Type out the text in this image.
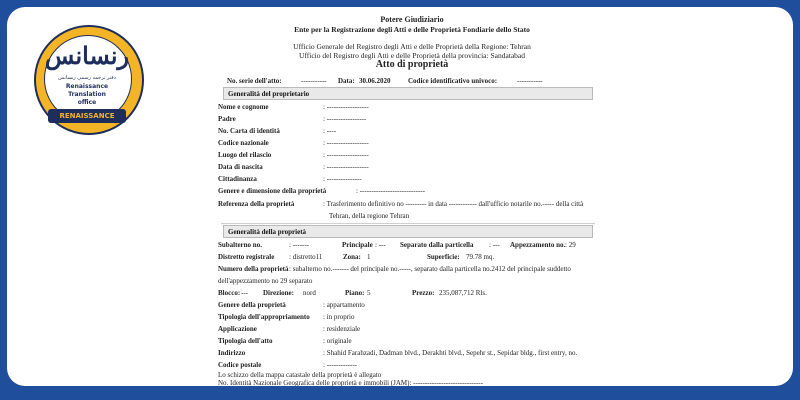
رنسانس
دفتر ترجمه رسمی رنسانس
Renaissance
Translation
office
RENAISSANCE
Potere Giudiziario
Ente per la Registrazione degli Atti e delle Proprietà Fondiarie dello Stato
Ufficio Generale del Registro degli Atti e delle Proprietà della Regione: Tehran
Ufficio del Registro degli Atti e delle Proprietà della provincia: Sandatabad
Atto di proprietà
No. serie dell'atto:	----------- Data: 30.06.2020	Codice identificativo univoco:	-----------
Generalità del proprietario
Nome e cognome	: ------------------
Padre	: -----------------
No. Carta di identità	: ----
Codice nazionale	: ------------------
Luogo del rilascio	: ------------------
Data di nascita	: ------------------
Cittadinanza	: ---------------
Genere e dimensione della proprietà	: ----------------------------
Referenza della proprietà	: Trasferimento definitivo no --------- in data ------------ dall'ufficio notarile no.----- della città
Tehran, della regione Tehran
Generalità della proprietà
Subalterno no.	: -------	Principale : --- Separato dalla particella : --- Appezzamento no. : 29
Distretto registrale : distretto11	Zona: 1	Superficie: 79.78 mq.
Numero della proprietà : subalterno no.------- del principale no.-----, separato dalla particella no.2412 del principale suddetto
dell'appezzamento no 29 separato
Blocco: --- Direzione: nord	Piano: 5	Prezzo: 235,087,712 Rls.
Genere della proprietà	: appartamento
Tipologia dell'appropriamento : in proprio
Applicazione	: residenziale
Tipologia dell'atto	: originale
Indirizzo	: Shahid Farahzadi, Dadman blvd., Derakhti blvd., Sepehr st., Sepidar bldg., first entry, no.
Codice postale	: -------------
Lo schizzo della mappa catastale della proprietà è allegato
No. Identità Nazionale Geografica delle proprietà e immobili (JAM): ------------------------------
